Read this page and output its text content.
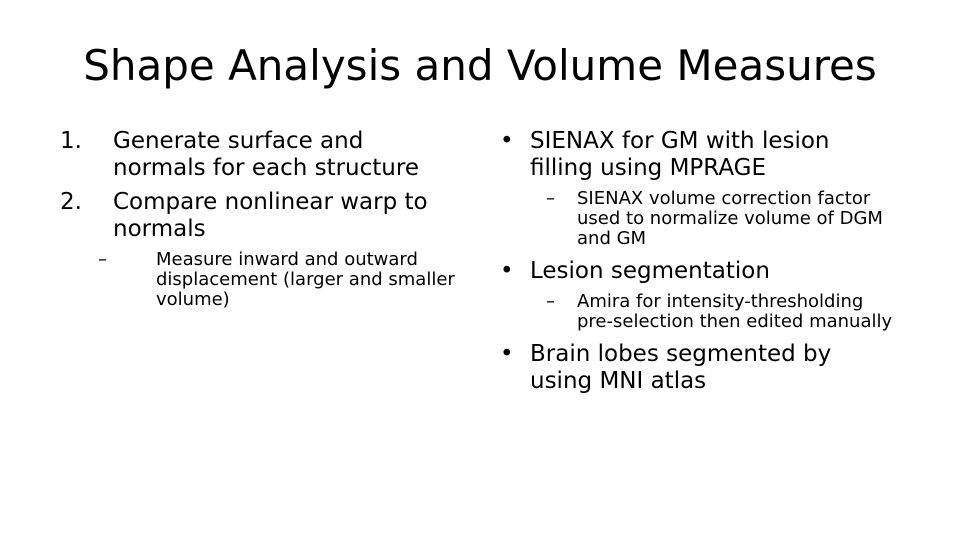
Shape Analysis and Volume Measures
1. Generate surface and normals for each structure
2. Compare nonlinear warp to normals
–	Measure inward and outward displacement (larger and smaller volume)
• SIENAX for GM with lesion filling using MPRAGE
– SIENAX volume correction factor used to normalize volume of DGM and GM
• Lesion segmentation
– Amira for intensity-thresholding pre-selection then edited manually
• Brain lobes segmented by using MNI atlas
